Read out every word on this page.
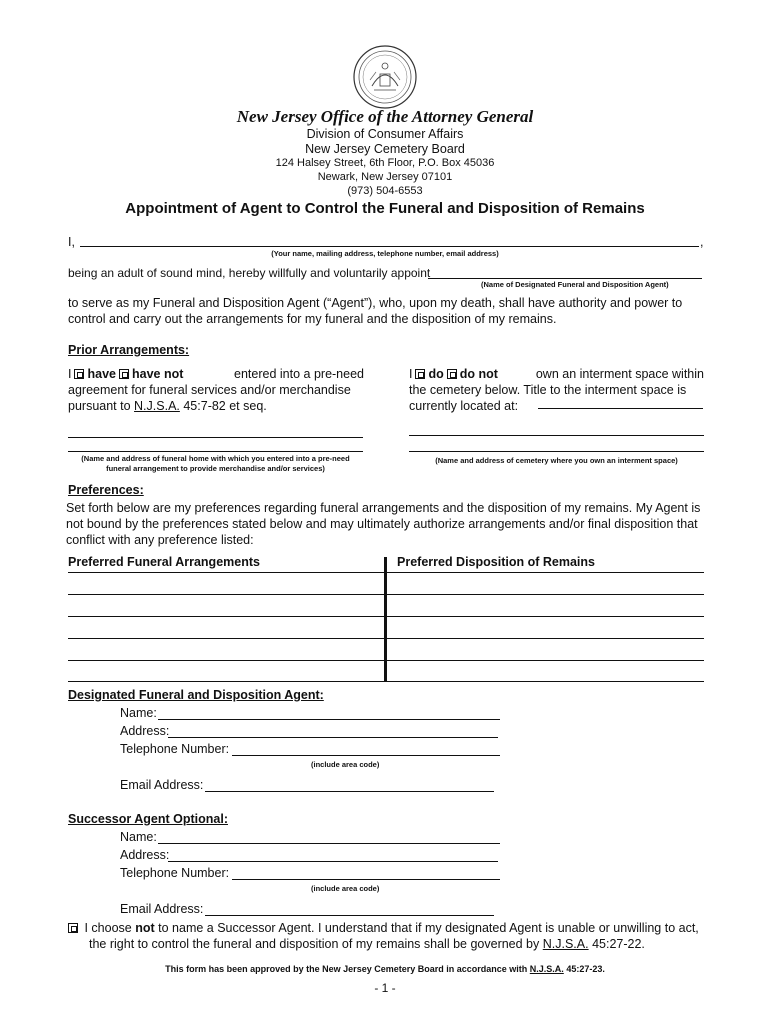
New Jersey Office of the Attorney General
Division of Consumer Affairs
New Jersey Cemetery Board
124 Halsey Street, 6th Floor, P.O. Box 45036
Newark, New Jersey 07101
(973) 504-6553
Appointment of Agent to Control the Funeral and Disposition of Remains
I,	,
(Your name, mailing address, telephone number, email address)
being an adult of sound mind, hereby willfully and voluntarily appoint
(Name of Designated Funeral and Disposition Agent)
to serve as my Funeral and Disposition Agent (“Agent”), who, upon my death, shall have authority and power to control and carry out the arrangements for my funeral and the disposition of my remains.
Prior Arrangements:
I have have not	entered into a pre-need
agreement for funeral services and/or merchandise
pursuant to N.J.S.A. 45:7-82 et seq.
I do do not	own an interment space within
the cemetery below. Title to the interment space is
currently located at:
(Name and address of funeral home with which you entered into a pre-need funeral arrangement to provide merchandise and/or services)
(Name and address of cemetery where you own an interment space)
Preferences:
Set forth below are my preferences regarding funeral arrangements and the disposition of my remains. My Agent is not bound by the preferences stated below and may ultimately authorize arrangements and/or final disposition that conflict with any preference listed:
Preferred Funeral Arrangements	Preferred Disposition of Remains
Designated Funeral and Disposition Agent:
Name:
Address:
Telephone Number:
(include area code)
Email Address:
Successor Agent Optional:
Name:
Address:
Telephone Number:
(include area code)
Email Address:
I choose not to name a Successor Agent. I understand that if my designated Agent is unable or unwilling to act,
the right to control the funeral and disposition of my remains shall be governed by N.J.S.A. 45:27-22.
This form has been approved by the New Jersey Cemetery Board in accordance with N.J.S.A. 45:27-23.
- 1 -
